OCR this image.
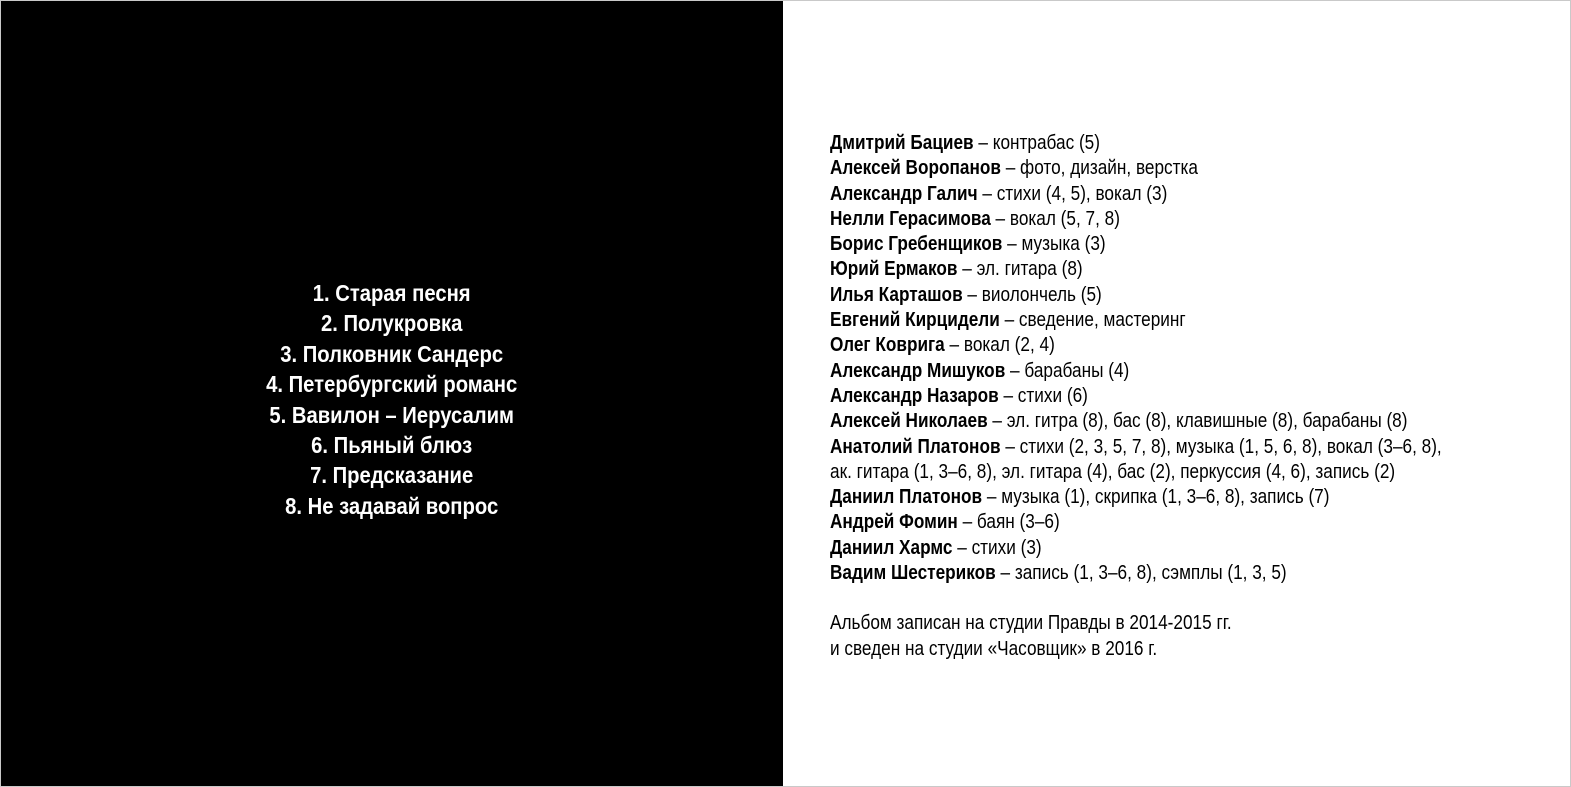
1. Старая песня
2. Полукровка
3. Полковник Сандерс
4. Петербургский романс
5. Вавилон – Иерусалим
6. Пьяный блюз
7. Предсказание
8. Не задавай вопрос
Дмитрий Бациев – контрабас (5)
Алексей Воропанов – фото, дизайн, верстка
Александр Галич – стихи (4, 5), вокал (3)
Нелли Герасимова – вокал (5, 7, 8)
Борис Гребенщиков – музыка (3)
Юрий Ермаков – эл. гитара (8)
Илья Карташов – виолончель (5)
Евгений Кирцидели – сведение, мастеринг
Олег Коврига – вокал (2, 4)
Александр Мишуков – барабаны (4)
Александр Назаров – стихи (6)
Алексей Николаев – эл. гитра (8), бас (8), клавишные (8), барабаны (8)
Анатолий Платонов – стихи (2, 3, 5, 7, 8), музыка (1, 5, 6, 8), вокал (3–6, 8),
ак. гитара (1, 3–6, 8), эл. гитара (4), бас (2), перкуссия (4, 6), запись (2)
Даниил Платонов – музыка (1), скрипка (1, 3–6, 8), запись (7)
Андрей Фомин – баян (3–6)
Даниил Хармс – стихи (3)
Вадим Шестериков – запись (1, 3–6, 8), сэмплы (1, 3, 5)
Альбом записан на студии Правды в 2014-2015 гг.
и сведен на студии «Часовщик» в 2016 г.
